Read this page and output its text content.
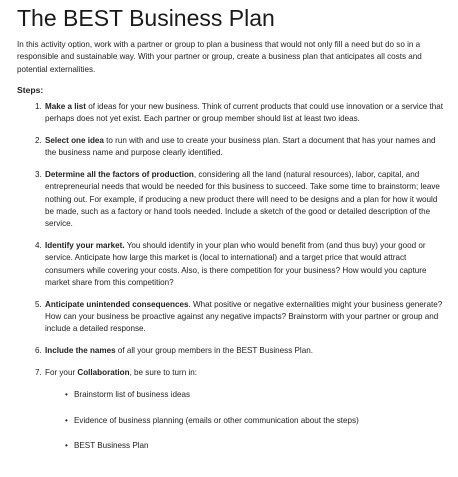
The BEST Business Plan

In this activity option, work with a partner or group to plan a business that would not only fill a need but do so in a responsible and sustainable way. With your partner or group, create a business plan that anticipates all costs and potential externalities.

Steps:
1. Make a list of ideas for your new business. Think of current products that could use innovation or a service that perhaps does not yet exist. Each partner or group member should list at least two ideas.
2. Select one idea to run with and use to create your business plan. Start a document that has your names and the business name and purpose clearly identified.
3. Determine all the factors of production, considering all the land (natural resources), labor, capital, and entrepreneurial needs that would be needed for this business to succeed. Take some time to brainstorm; leave nothing out. For example, if producing a new product there will need to be designs and a plan for how it would be made, such as a factory or hand tools needed. Include a sketch of the good or detailed description of the service.
4. Identify your market. You should identify in your plan who would benefit from (and thus buy) your good or service. Anticipate how large this market is (local to international) and a target price that would attract consumers while covering your costs. Also, is there competition for your business? How would you capture market share from this competition?
5. Anticipate unintended consequences. What positive or negative externalities might your business generate? How can your business be proactive against any negative impacts? Brainstorm with your partner or group and include a detailed response.
6. Include the names of all your group members in the BEST Business Plan.
7. For your Collaboration, be sure to turn in:
• Brainstorm list of business ideas
• Evidence of business planning (emails or other communication about the steps)
• BEST Business Plan
